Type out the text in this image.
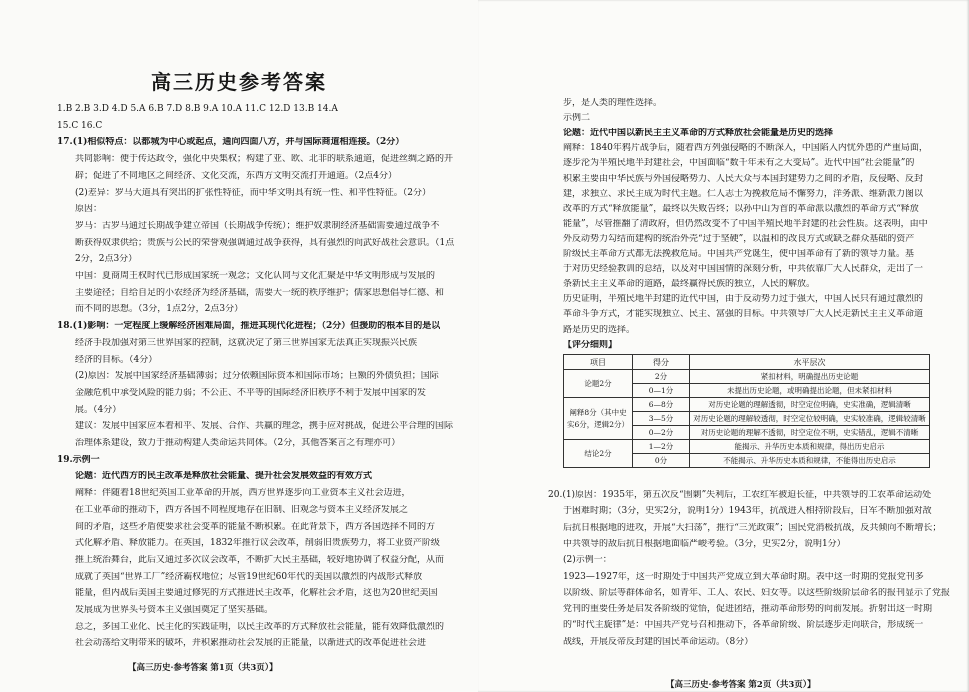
高三历史参考答案
1.B 2.B 3.D 4.D 5.A 6.B 7.D 8.B 9.A 10.A 11.C 12.D 13.B 14.A
15.C 16.C
17.(1)相似特点：以都城为中心或起点，通向四面八方，并与国际商道相连接。（2分）
共同影响：便于传达政令，强化中央集权；构建了亚、欧、北非的联系通道，促进丝绸之路的开
辟；促进了不同地区之间经济、文化交流，东西方文明交流打开通道。（2点4分）
(2)差异：罗马大道具有突出的扩张性特征，而中华文明具有统一性、和平性特征。（2分）
原因：
罗马：古罗马通过长期战争建立帝国（长期战争传统）；维护奴隶制经济基础需要通过战争不
断获得奴隶供给；贵族与公民的荣誉观强调通过战争获得，具有强烈的向武好战社会意识。（1点
2分，2点3分）
中国：夏商周王权时代已形成国家统一观念；文化认同与文化汇聚是中华文明形成与发展的
主要途径；自给自足的小农经济为经济基础，需要大一统的秩序维护；儒家思想倡导仁德、和
而不同的思想。（3分，1点2分，2点3分）
18.(1)影响：一定程度上缓解经济困难局面，推进其现代化进程；（2分）但援助的根本目的是以
经济手段加强对第三世界国家的控制，这就决定了第三世界国家无法真正实现振兴民族
经济的目标。（4分）
(2)原因：发展中国家经济基础薄弱；过分依赖国际资本和国际市场；巨额的外债负担；国际
金融危机中承受风险的能力弱；不公正、不平等的国际经济旧秩序不利于发展中国家的发
展。（4分）
建议：发展中国家应本着和平、发展、合作、共赢的理念，携手应对挑战，促进公平合理的国际
治理体系建设，致力于推动构建人类命运共同体。（2分，其他答案言之有理亦可）
19.示例一
论题：近代西方的民主改革是释放社会能量、提升社会发展效益的有效方式
阐释：伴随着18世纪英国工业革命的开展，西方世界逐步向工业资本主义社会迈进，
在工业革命的推动下，西方各国不同程度地存在旧制、旧观念与资本主义经济发展之
间的矛盾，这些矛盾使要求社会变革的能量不断积累。在此背景下，西方各国选择不同的方
式化解矛盾、释放能力。在英国，1832年推行议会改革，削弱旧贵族势力，将工业资产阶级
推上统治舞台，此后又通过多次议会改革，不断扩大民主基础，较好地协调了权益分配，从而
成就了英国“世界工厂”经济霸权地位；尽管19世纪60年代的美国以激烈的内战形式释放
能量，但内战后美国主要通过修宪的方式推进民主改革，化解社会矛盾，这也为20世纪美国
发展成为世界头号资本主义强国奠定了坚实基础。
总之，多国工业化、民主化的实践证明，以民主改革的方式释放社会能量，能有效降低激烈的
社会动荡给文明带来的破坏，并积累推动社会发展的正能量，以渐进式的改革促进社会进
【高三历史·参考答案 第1页（共3页）】
步，是人类的理性选择。
示例二
论题：近代中国以新民主主义革命的方式释放社会能量是历史的选择
阐释：1840年鸦片战争后，随着西方列强侵略的不断深入，中国陷入内忧外患的严重局面，
逐步沦为半殖民地半封建社会，中国面临“数千年未有之大变局”。近代中国“社会能量”的
积累主要由中华民族与外国侵略势力、人民大众与本国封建势力之间的矛盾，反侵略、反封
建，求独立、求民主成为时代主题。仁人志士为挽救危局不懈努力，洋务派、维新派力图以
改革的方式“释放能量”，最终以失败告终；以孙中山为首的革命派以激烈的革命方式“释放
能量”，尽管推翻了清政府，但仍然改变不了中国半殖民地半封建的社会性质。这表明，由中
外反动势力勾结而建构的统治外壳“过于坚硬”，以温和的改良方式或缺乏群众基础的资产
阶级民主革命方式都无法挽救危局。中国共产党诞生，使中国革命有了新的领导力量。基
于对历史经验教训的总结，以及对中国国情的深刻分析，中共依靠广大人民群众，走出了一
条新民主主义革命的道路，最终赢得民族的独立，人民的解放。
历史证明，半殖民地半封建的近代中国，由于反动势力过于强大，中国人民只有通过激烈的
革命斗争方式，才能实现独立、民主、富强的目标。中共领导广大人民走新民主主义革命道
路是历史的选择。
【评分细则】
20.(1)原因：1935年，第五次反“围剿”失利后，工农红军被迫长征，中共领导的工农革命运动处
于困难时期；（3分，史实2分，说明1分）1943年，抗战进入相持阶段后，日军不断加强对敌
后抗日根据地的进攻，开展“大扫荡”，推行“三光政策”；国民党消极抗战，反共倾向不断增长；
中共领导的敌后抗日根据地面临严峻考验。（3分，史实2分，说明1分）
(2)示例一：
1923—1927年，这一时期处于中国共产党成立到大革命时期。表中这一时期的党报党刊多
以阶级、阶层等群体命名，如青年、工人、农民、妇女等。以这些阶级阶层命名的报刊显示了党报
党刊的重要任务是启发各阶级的觉悟，促进团结，推动革命形势的向前发展。折射出这一时期
的“时代主旋律”是：中国共产党号召和推动下，各革命阶级、阶层逐步走向联合，形成统一
战线，开展反帝反封建的国民革命运动。（8分）
【高三历史·参考答案 第2页（共3页）】
项目	得分	水平层次
论题2分	2分	紧扣材料，明确提出历史论题
	0—1分	未提出历史论题，或明确提出论题，但未紧扣材料
阐释8分（其中史实6分，逻辑2分）	6—8分	对历史论题的理解透彻，时空定位明确，史实准确，逻辑清晰
	3—5分	对历史论题的理解较透彻，时空定位较明确，史实较准确，逻辑较清晰
	0—2分	对历史论题的理解不透彻，时空定位不明，史实错乱，逻辑不清晰
结论2分	1—2分	能揭示、升华历史本质和规律，得出历史启示
	0分	不能揭示、升华历史本质和规律，不能得出历史启示
